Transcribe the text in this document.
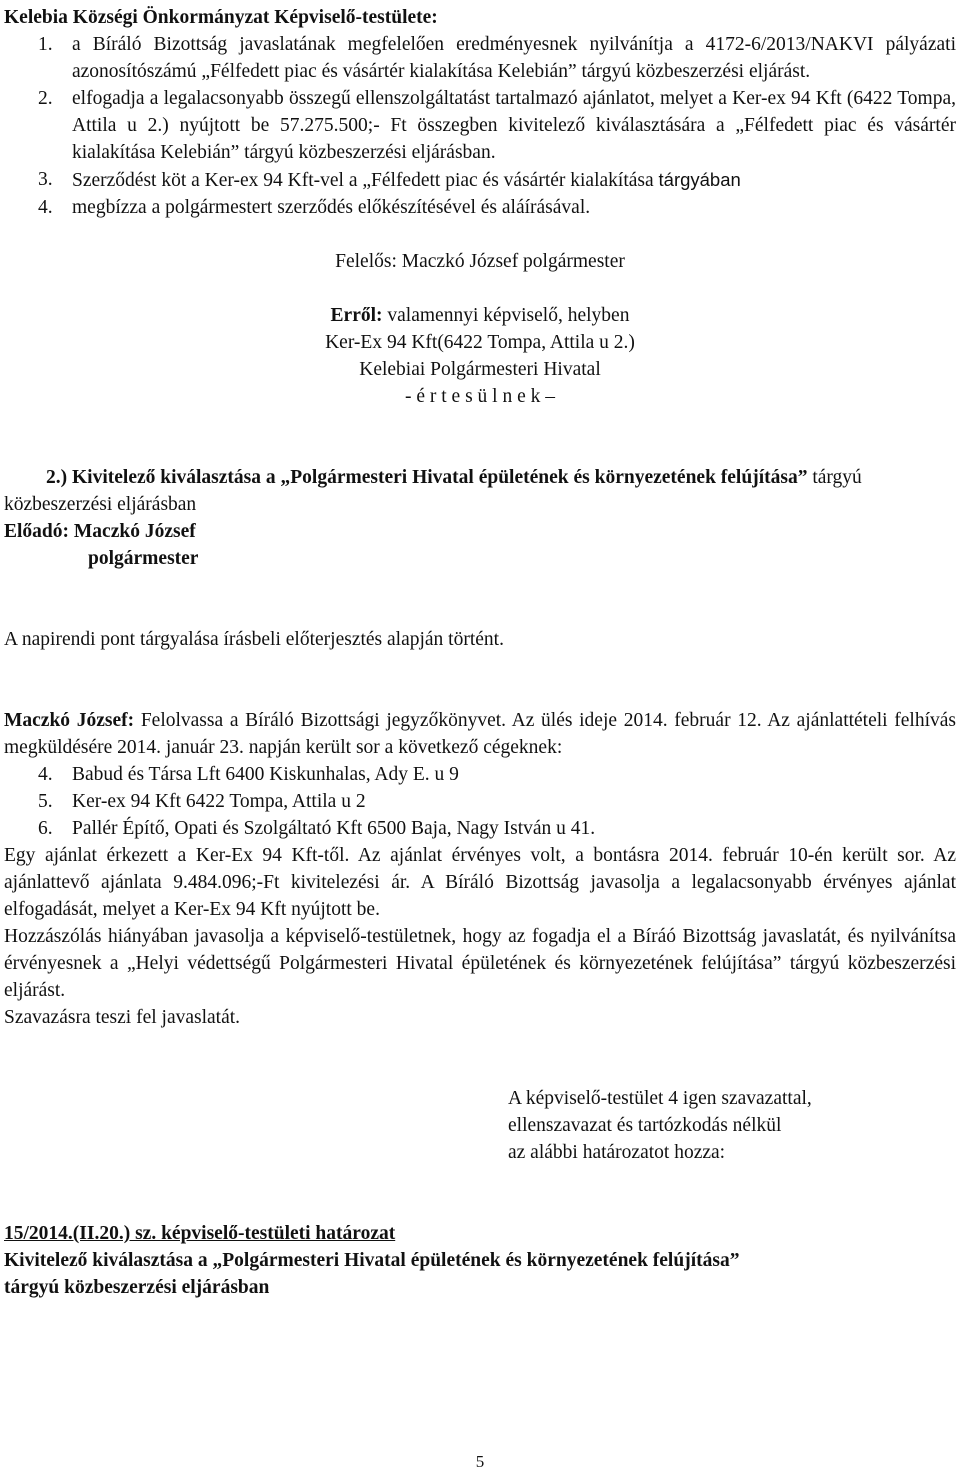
Kelebia Községi Önkormányzat Képviselő-testülete:

1. a Bíráló Bizottság javaslatának megfelelően eredményesnek nyilvánítja a 4172-6/2013/NAKVI pályázati azonosítószámú „Félfedett piac és vásártér kialakítása Kelebián” tárgyú közbeszerzési eljárást.
2. elfogadja a legalacsonyabb összegű ellenszolgáltatást tartalmazó ajánlatot, melyet a Ker-ex 94 Kft (6422 Tompa, Attila u 2.) nyújtott be 57.275.500;- Ft összegben kivitelező kiválasztására a „Félfedett piac és vásártér kialakítása Kelebián” tárgyú közbeszerzési eljárásban.
3. Szerződést köt a Ker-ex 94 Kft-vel a „Félfedett piac és vásártér kialakítása tárgyában
4. megbízza a polgármestert szerződés előkészítésével és aláírásával.

Felelős: Maczkó József polgármester

Erről: valamennyi képviselő, helyben

Ker-Ex 94 Kft(6422 Tompa, Attila u 2.)

Kelebiai Polgármesteri Hivatal

- é r t e s ü l n e k –

2.) Kivitelező kiválasztása a „Polgármesteri Hivatal épületének és környezetének felújítása” tárgyú közbeszerzési eljárásban

Előadó: Maczkó József

polgármester

A napirendi pont tárgyalása írásbeli előterjesztés alapján történt.

Maczkó József: Felolvassa a Bíráló Bizottsági jegyzőkönyvet. Az ülés ideje 2014. február 12. Az ajánlattételi felhívás megküldésére 2014. január 23. napján került sor a következő cégeknek:

4. Babud és Társa Lft 6400 Kiskunhalas, Ady E. u 9
5. Ker-ex 94 Kft 6422 Tompa, Attila u 2
6. Pallér Építő, Opati és Szolgáltató Kft 6500 Baja, Nagy István u 41.

Egy ajánlat érkezett a Ker-Ex 94 Kft-től. Az ajánlat érvényes volt, a bontásra 2014. február 10-én került sor. Az ajánlattevő ajánlata 9.484.096;-Ft kivitelezési ár. A Bíráló Bizottság javasolja a legalacsonyabb érvényes ajánlat elfogadását, melyet a Ker-Ex 94 Kft nyújtott be.

Hozzászólás hiányában javasolja a képviselő-testületnek, hogy az fogadja el a Bíráó Bizottság javaslatát, és nyilvánítsa érvényesnek a „Helyi védettségű Polgármesteri Hivatal épületének és környezetének felújítása” tárgyú közbeszerzési eljárást.

Szavazásra teszi fel javaslatát.

A képviselő-testület 4 igen szavazattal,

ellenszavazat és tartózkodás nélkül

az alábbi határozatot hozza:

15/2014.(II.20.) sz. képviselő-testületi határozat

Kivitelező kiválasztása a „Polgármesteri Hivatal épületének és környezetének felújítása”

tárgyú közbeszerzési eljárásban

5
